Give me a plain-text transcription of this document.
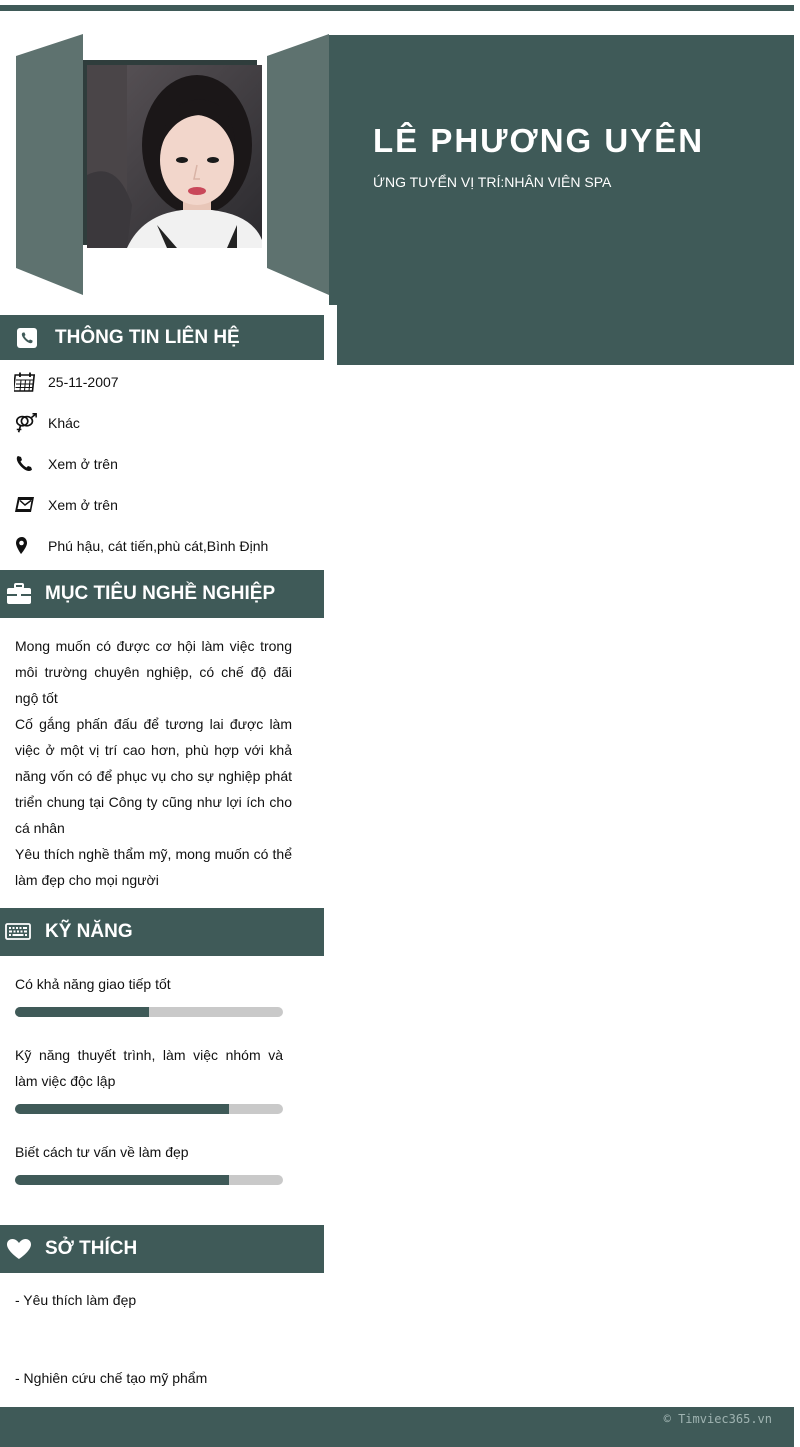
LÊ PHƯƠNG UYÊN
ỨNG TUYỂN VỊ TRÍ:NHÂN VIÊN SPA
THÔNG TIN LIÊN HỆ
25-11-2007
Khác
Xem ở trên
Xem ở trên
Phú hậu, cát tiến,phù cát,Bình Định
MỤC TIÊU NGHỀ NGHIỆP

Mong muốn có được cơ hội làm việc trong môi trường chuyên nghiệp, có chế độ đãi ngộ tốt

Cố gắng phấn đấu để tương lai được làm việc ở một vị trí cao hơn, phù hợp với khả năng vốn có để phục vụ cho sự nghiệp phát triển chung tại Công ty cũng như lợi ích cho cá nhân

Yêu thích nghề thẩm mỹ, mong muốn có thể làm đẹp cho mọi người

KỸ NĂNG
Có khả năng giao tiếp tốt
Kỹ năng thuyết trình, làm việc nhóm và làm việc độc lập
Biết cách tư vấn về làm đẹp
SỞ THÍCH
- Yêu thích làm đẹp
- Nghiên cứu chế tạo mỹ phẩm
© Timviec365.vn
